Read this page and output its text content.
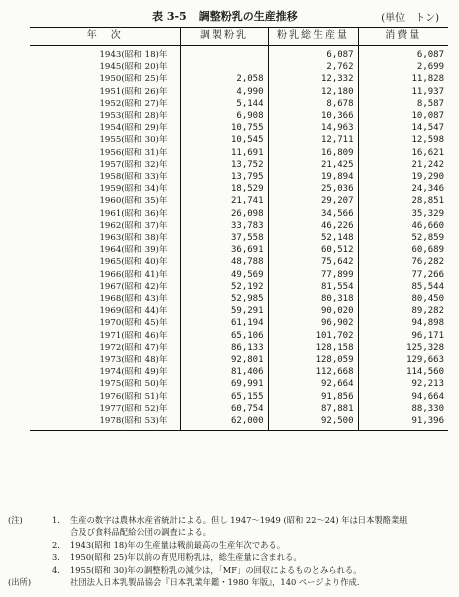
表 3-5 調整粉乳の生産推移	(単位　トン)
年　次	調製粉乳	粉乳総生産量	消費量
1943(昭和 18)年		6,087	6,087
1945(昭和 20)年		2,762	2,699
1950(昭和 25)年	2,058	12,332	11,828
1951(昭和 26)年	4,990	12,180	11,937
1952(昭和 27)年	5,144	8,678	8,587
1953(昭和 28)年	6,908	10,366	10,087
1954(昭和 29)年	10,755	14,963	14,547
1955(昭和 30)年	10,545	12,711	12,598
1956(昭和 31)年	11,691	16,809	16,621
1957(昭和 32)年	13,752	21,425	21,242
1958(昭和 33)年	13,795	19,894	19,290
1959(昭和 34)年	18,529	25,036	24,346
1960(昭和 35)年	21,741	29,207	28,851
1961(昭和 36)年	26,098	34,566	35,329
1962(昭和 37)年	33,783	46,226	46,660
1963(昭和 38)年	37,558	52,148	52,859
1964(昭和 39)年	36,691	60,512	60,689
1965(昭和 40)年	48,788	75,642	76,282
1966(昭和 41)年	49,569	77,899	77,266
1967(昭和 42)年	52,192	81,554	85,544
1968(昭和 43)年	52,985	80,318	80,450
1969(昭和 44)年	59,291	90,020	89,282
1970(昭和 45)年	61,194	96,902	94,898
1971(昭和 46)年	65,106	101,702	96,171
1972(昭和 47)年	86,133	128,158	125,328
1973(昭和 48)年	92,801	128,059	129,663
1974(昭和 49)年	81,406	112,668	114,560
1975(昭和 50)年	69,991	92,664	92,213
1976(昭和 51)年	65,155	91,856	94,664
1977(昭和 52)年	60,754	87,881	88,330
1978(昭和 53)年	62,000	92,500	91,396
(注)	1. 生産の数字は農林水産省統計による。但し 1947～1949 (昭和 22～24) 年は日本製酪業組
合及び食料品配給公団の調査による。
2. 1943(昭和 18)年の生産量は戦前最高の生産年次である。
3. 1950(昭和 25)年以前の育児用粉乳は，総生産量に含まれる。
4. 1955(昭和 30)年の調整粉乳の減少は，「MF」の回収によるものとみられる。
(出所)	社団法人日本乳製品協会『日本乳業年鑑・1980 年版』，140 ページより作成.
